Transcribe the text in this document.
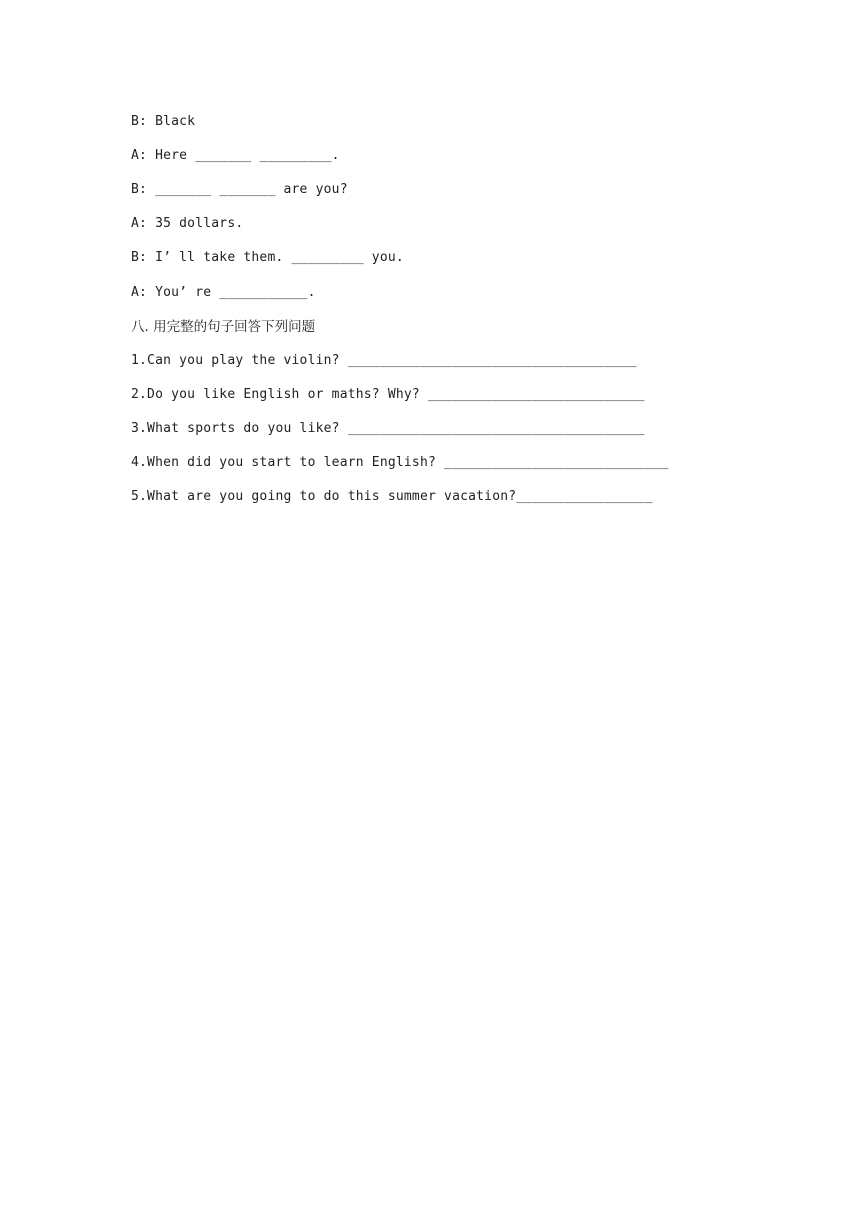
B: Black
A: Here _______ _________.
B: _______ _______ are you?
A: 35 dollars.
B: I’ ll take them. _________ you.
A: You’ re ___________.
八. 用完整的句子回答下列问题
1.Can you play the violin? ____________________________________
2.Do you like English or maths? Why? ___________________________
3.What sports do you like? _____________________________________
4.When did you start to learn English? ____________________________
5.What are you going to do this summer vacation?_________________
